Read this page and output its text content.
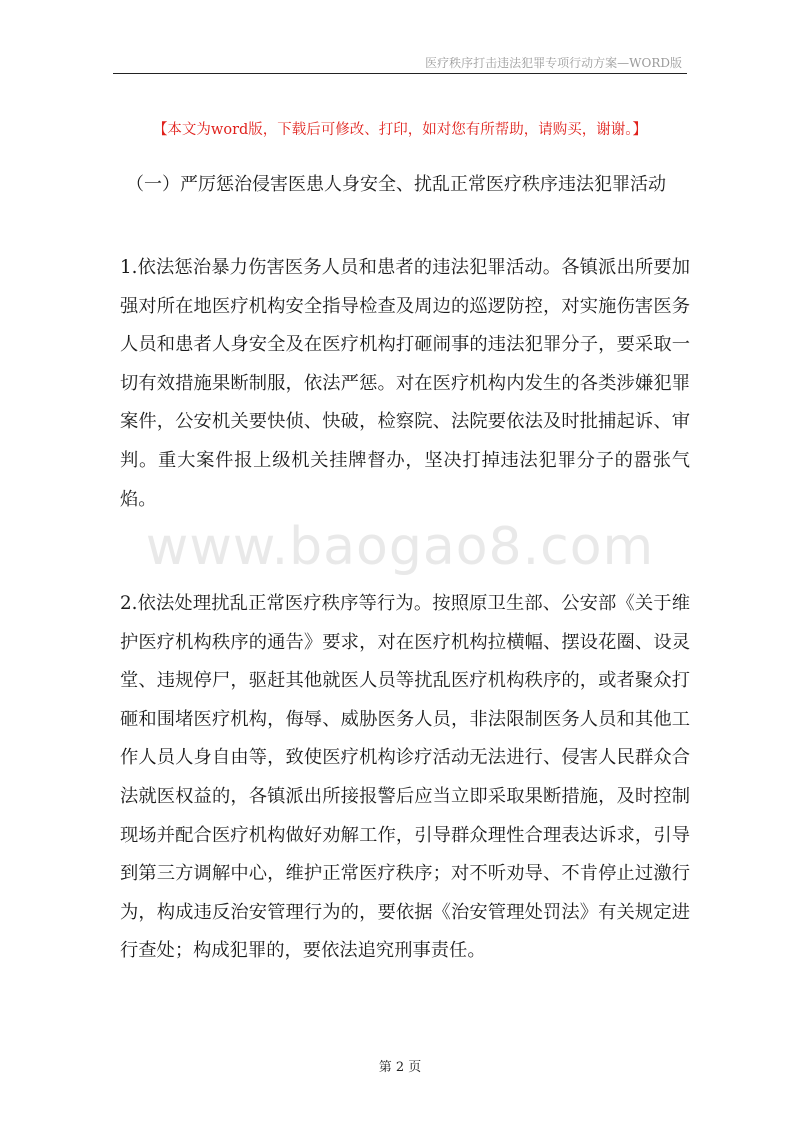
医疗秩序打击违法犯罪专项行动方案—WORD版
【本文为word版，下载后可修改、打印，如对您有所帮助，请购买，谢谢。】
（一）严厉惩治侵害医患人身安全、扰乱正常医疗秩序违法犯罪活动

1.依法惩治暴力伤害医务人员和患者的违法犯罪活动。各镇派出所要加强对所在地医疗机构安全指导检查及周边的巡逻防控，对实施伤害医务人员和患者人身安全及在医疗机构打砸闹事的违法犯罪分子，要采取一切有效措施果断制服，依法严惩。对在医疗机构内发生的各类涉嫌犯罪案件，公安机关要快侦、快破，检察院、法院要依法及时批捕起诉、审判。重大案件报上级机关挂牌督办，坚决打掉违法犯罪分子的嚣张气焰。

www.baogao8.com

2.依法处理扰乱正常医疗秩序等行为。按照原卫生部、公安部《关于维护医疗机构秩序的通告》要求，对在医疗机构拉横幅、摆设花圈、设灵堂、违规停尸，驱赶其他就医人员等扰乱医疗机构秩序的，或者聚众打砸和围堵医疗机构，侮辱、威胁医务人员，非法限制医务人员和其他工作人员人身自由等，致使医疗机构诊疗活动无法进行、侵害人民群众合法就医权益的，各镇派出所接报警后应当立即采取果断措施，及时控制现场并配合医疗机构做好劝解工作，引导群众理性合理表达诉求，引导到第三方调解中心，维护正常医疗秩序；对不听劝导、不肯停止过激行为，构成违反治安管理行为的，要依据《治安管理处罚法》有关规定进行查处；构成犯罪的，要依法追究刑事责任。

第 2 页
